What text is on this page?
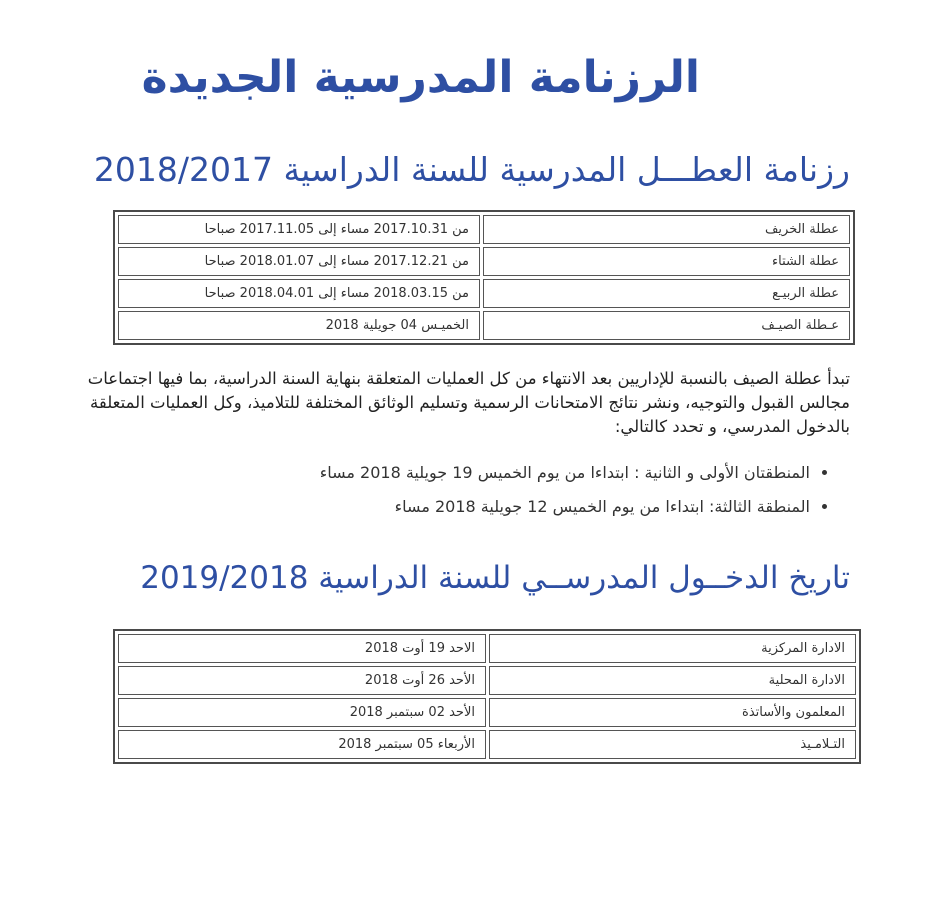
الرزنامة المدرسية الجديدة
رزنامة العطـــل المدرسية للسنة الدراسية 2018/2017
عطلة الخريف	من 2017.10.31 مساء إلى 2017.11.05 صباحا
عطلة الشتاء	من 2017.12.21 مساء إلى 2018.01.07 صباحا
عطلة الربيـع	من 2018.03.15 مساء إلى 2018.04.01 صباحا
عـطلة الصيـف	الخميـس 04 جويلية 2018
تبدأ عطلة الصيف بالنسبة للإداريين بعد الانتهاء من كل العمليات المتعلقة بنهاية السنة الدراسية، بما فيها اجتماعات مجالس القبول والتوجيه، ونشر نتائج الامتحانات الرسمية وتسليم الوثائق المختلفة للتلاميذ، وكل العمليات المتعلقة بالدخول المدرسي، و تحدد كالتالي:
• المنطقتان الأولى و الثانية : ابتداءا من يوم الخميس 19 جويلية 2018 مساء
• المنطقة الثالثة: ابتداءا من يوم الخميس 12 جويلية 2018 مساء
تاريخ الدخــول المدرســي للسنة الدراسية 2019/2018
الادارة المركزية	الاحد 19 أوت 2018
الادارة المحلية	الأحد 26 أوت 2018
المعلمون والأساتذة	الأحد 02 سبتمبر 2018
التـلامـيذ	الأربعاء 05 سبتمبر 2018
